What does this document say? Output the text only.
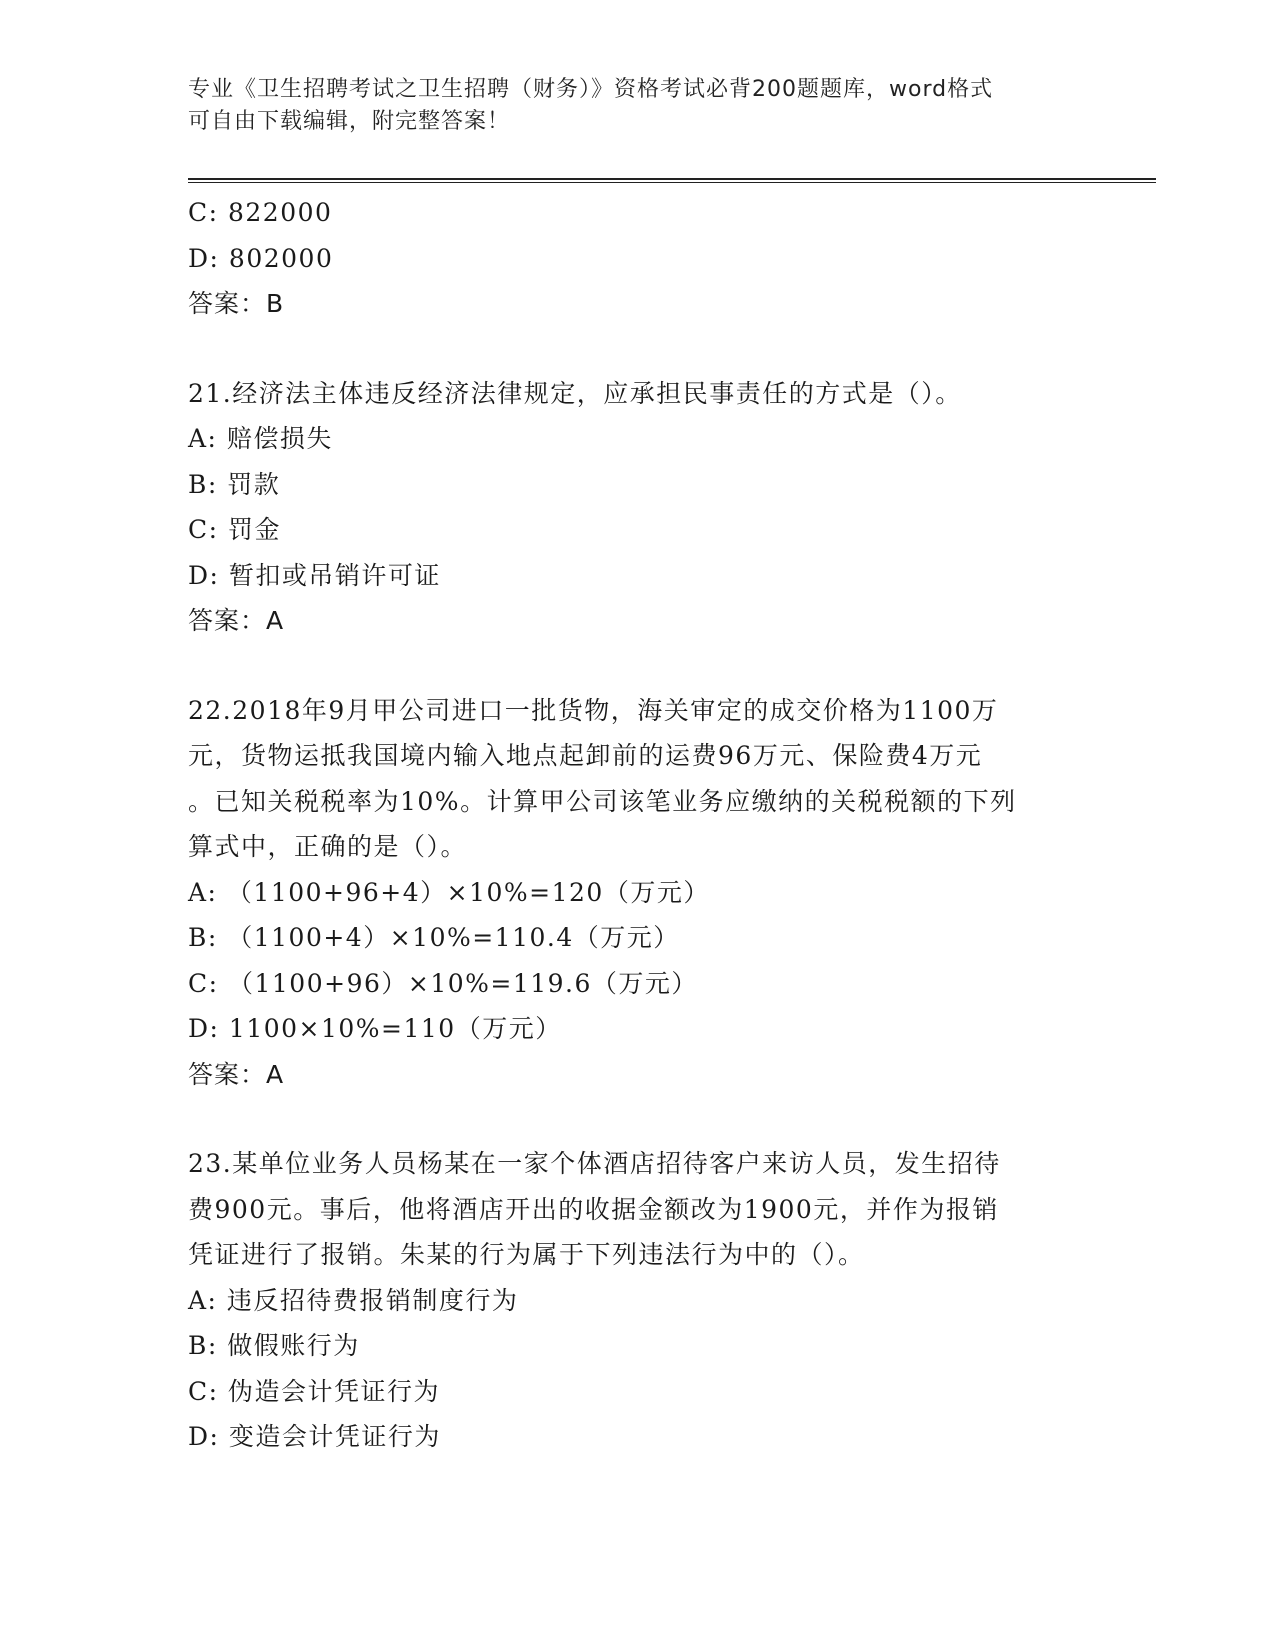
专业《卫生招聘考试之卫生招聘（财务）》资格考试必背200题题库，word格式
可自由下载编辑，附完整答案！
C: 822000
D: 802000
答案：B
21.经济法主体违反经济法律规定，应承担民事责任的方式是（）。
A: 赔偿损失
B: 罚款
C: 罚金
D: 暂扣或吊销许可证
答案：A
22.2018年9月甲公司进口一批货物，海关审定的成交价格为1100万
元，货物运抵我国境内输入地点起卸前的运费96万元、保险费4万元
。已知关税税率为10%。计算甲公司该笔业务应缴纳的关税税额的下列
算式中，正确的是（）。
A: （1100+96+4）×10%=120（万元）
B: （1100+4）×10%=110.4（万元）
C: （1100+96）×10%=119.6（万元）
D: 1100×10%=110（万元）
答案：A
23.某单位业务人员杨某在一家个体酒店招待客户来访人员，发生招待
费900元。事后，他将酒店开出的收据金额改为1900元，并作为报销
凭证进行了报销。朱某的行为属于下列违法行为中的（）。
A: 违反招待费报销制度行为
B: 做假账行为
C: 伪造会计凭证行为
D: 变造会计凭证行为
